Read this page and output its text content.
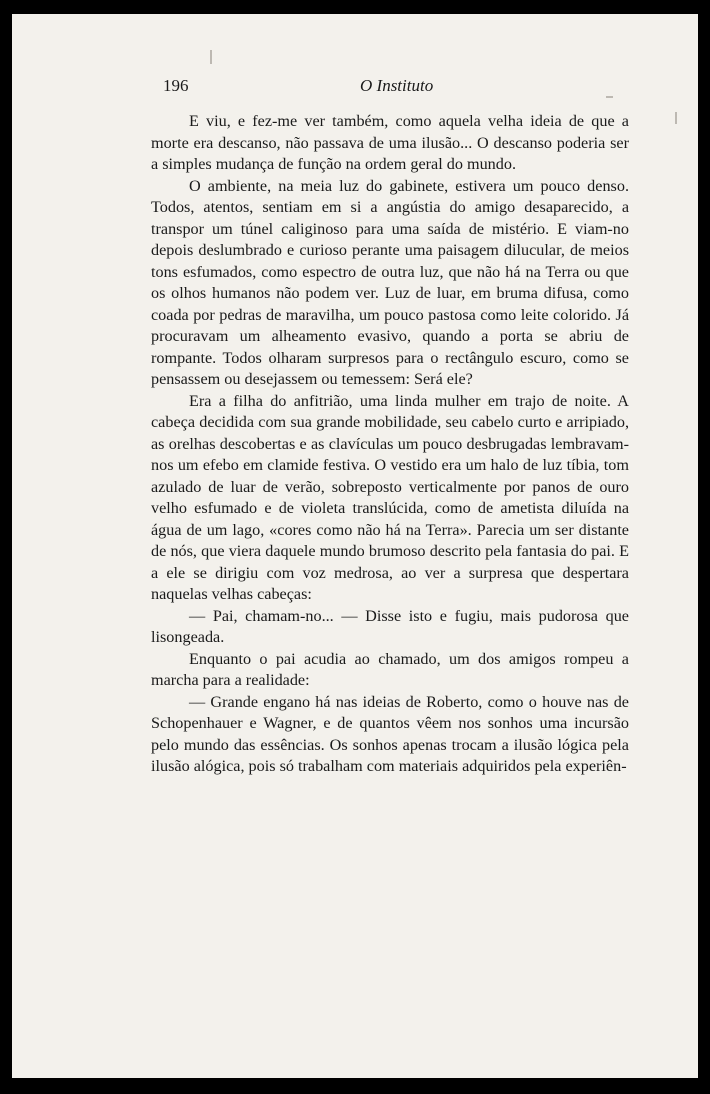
196	O Instituto

E viu, e fez-me ver também, como aquela velha ideia de que a morte era descanso, não passava de uma ilusão... O descanso poderia ser a simples mudança de função na ordem geral do mundo.

O ambiente, na meia luz do gabinete, estivera um pouco denso. Todos, atentos, sentiam em si a angústia do amigo desaparecido, a transpor um túnel caliginoso para uma saída de mistério. E viam-no depois deslumbrado e curioso perante uma paisagem dilucular, de meios tons esfumados, como espectro de outra luz, que não há na Terra ou que os olhos humanos não podem ver. Luz de luar, em bruma difusa, como coada por pedras de maravilha, um pouco pastosa como leite colorido. Já procuravam um alheamento evasivo, quando a porta se abriu de rompante. Todos olharam surpresos para o rectângulo escuro, como se pensassem ou desejassem ou temessem: Será ele?

Era a filha do anfitrião, uma linda mulher em trajo de noite. A cabeça decidida com sua grande mobilidade, seu cabelo curto e arripiado, as orelhas descobertas e as clavículas um pouco desbrugadas lembravam-nos um efebo em clamide festiva. O vestido era um halo de luz tíbia, tom azulado de luar de verão, sobreposto verticalmente por panos de ouro velho esfumado e de violeta translúcida, como de ametista diluída na água de um lago, «cores como não há na Terra». Parecia um ser distante de nós, que viera daquele mundo brumoso descrito pela fantasia do pai. E a ele se dirigiu com voz medrosa, ao ver a surpresa que despertara naquelas velhas cabeças:

— Pai, chamam-no... — Disse isto e fugiu, mais pudorosa que lisongeada.

Enquanto o pai acudia ao chamado, um dos amigos rompeu a marcha para a realidade:

— Grande engano há nas ideias de Roberto, como o houve nas de Schopenhauer e Wagner, e de quantos vêem nos sonhos uma incursão pelo mundo das essências. Os sonhos apenas trocam a ilusão lógica pela ilusão alógica, pois só trabalham com materiais adquiridos pela experiên-
